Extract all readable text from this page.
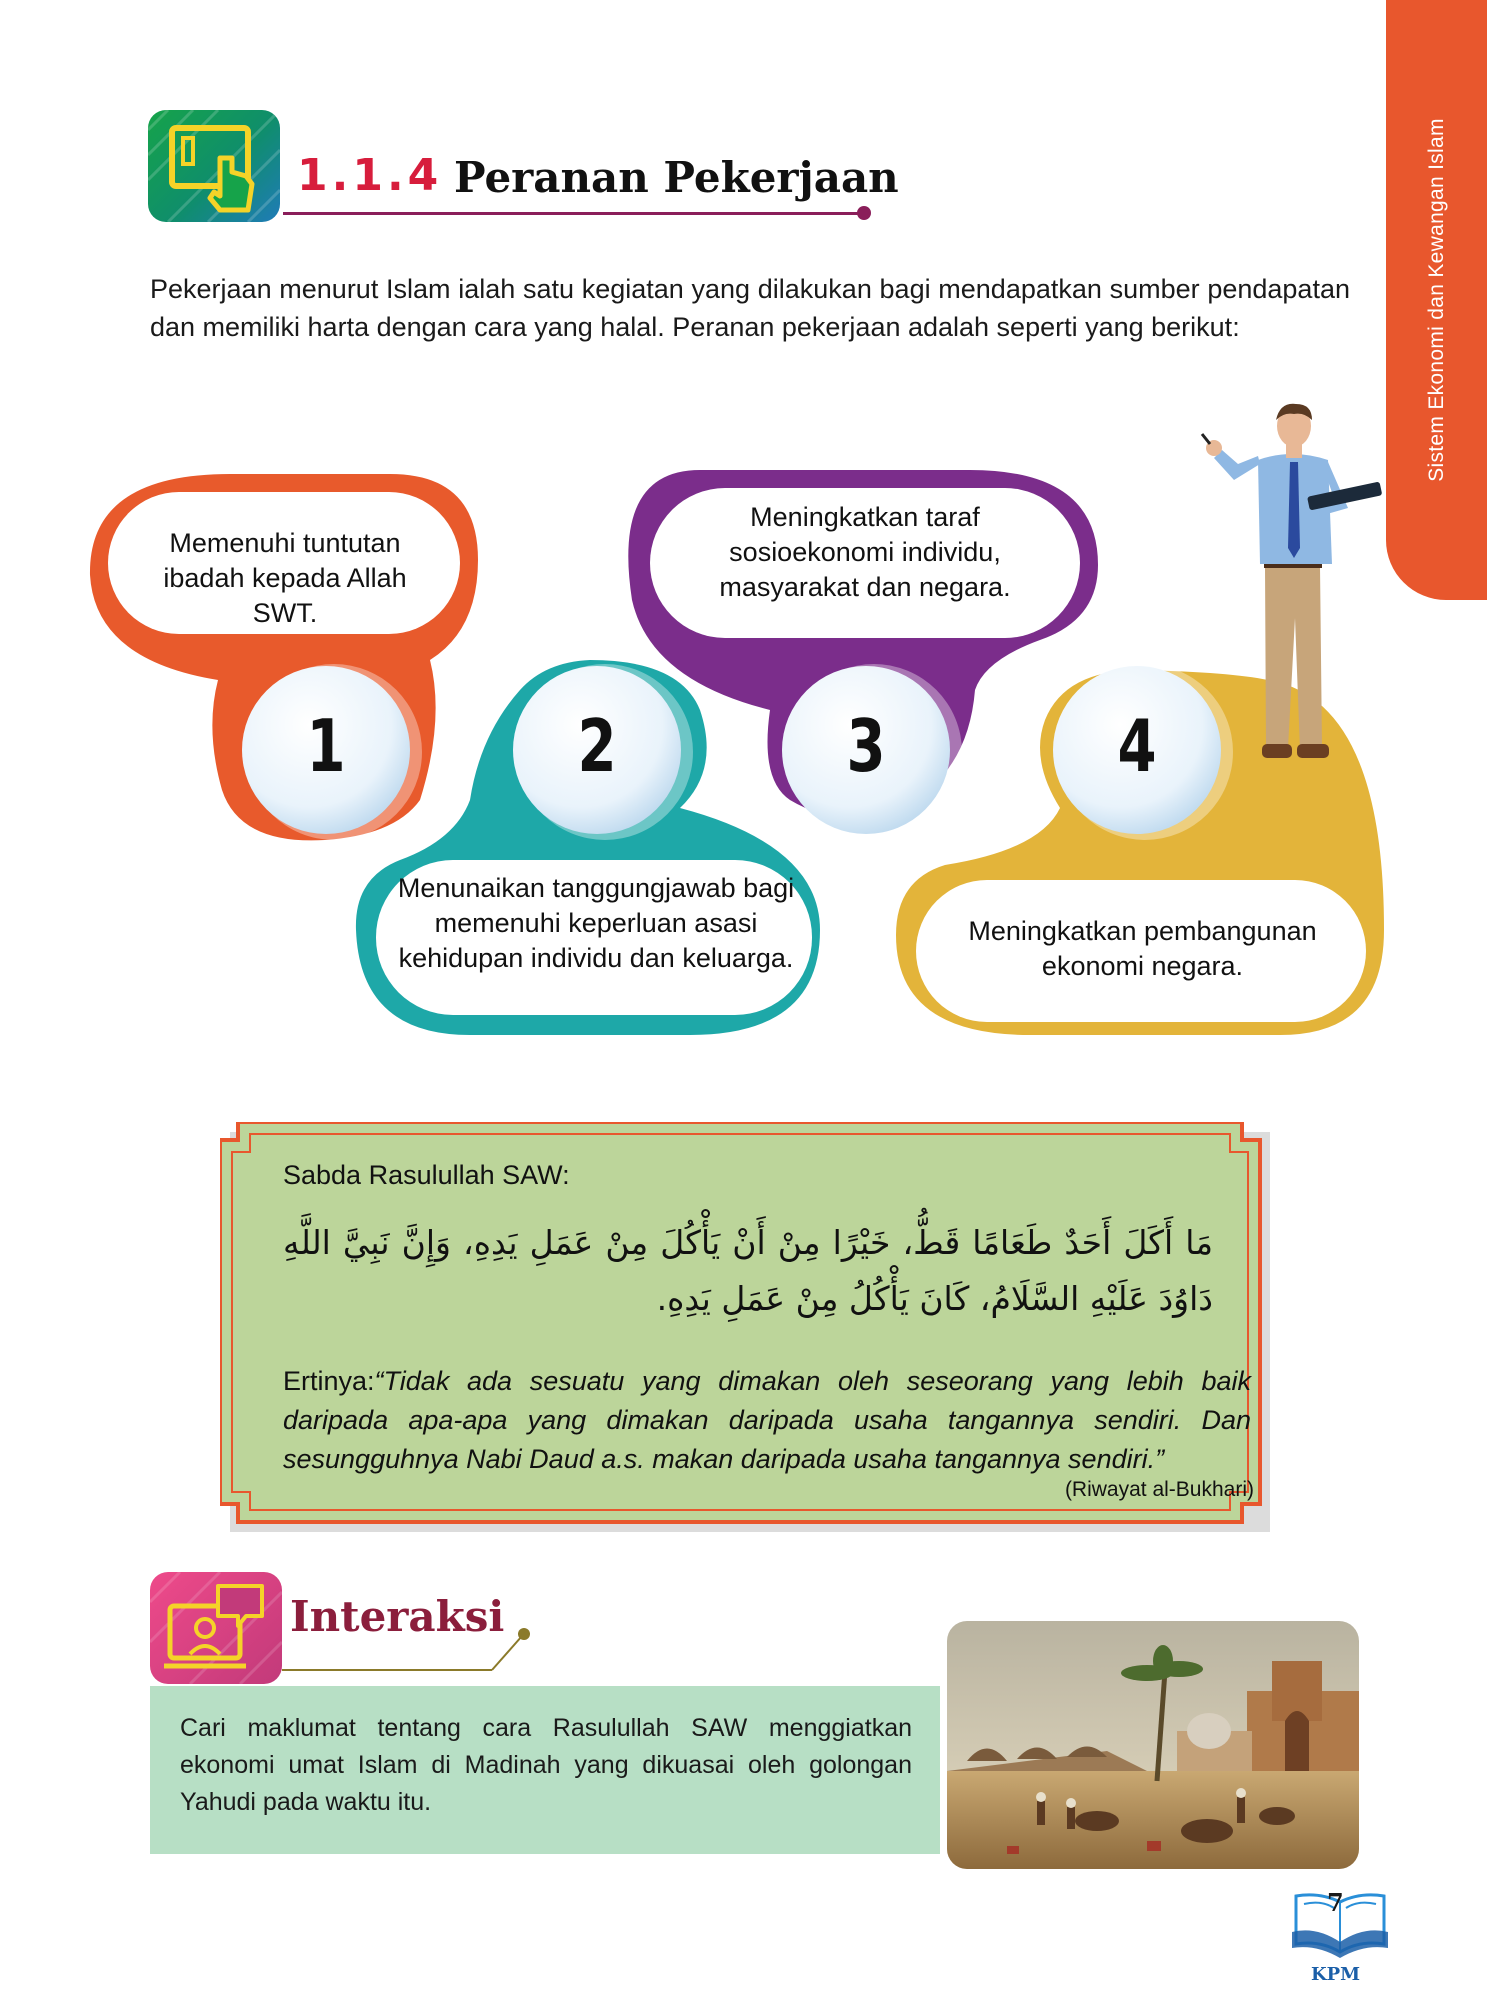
Sistem Ekonomi dan Kewangan Islam
1.1.4 Peranan Pekerjaan

Pekerjaan menurut Islam ialah satu kegiatan yang dilakukan bagi mendapatkan sumber pendapatan dan memiliki harta dengan cara yang halal. Peranan pekerjaan adalah seperti yang berikut:

1	2	3	4
Memenuhi tuntutan ibadah kepada Allah SWT.
Meningkatkan taraf sosioekonomi individu, masyarakat dan negara.
Menunaikan tanggungjawab bagi memenuhi keperluan asasi kehidupan individu dan keluarga.
Meningkatkan pembangunan ekonomi negara.
Sabda Rasulullah SAW:
مَا أَكَلَ أَحَدٌ طَعَامًا قَطُّ، خَيْرًا مِنْ أَنْ يَأْكُلَ مِنْ عَمَلِ يَدِهِ، وَإِنَّ نَبِيَّ اللَّهِ دَاوُدَ عَلَيْهِ السَّلَامُ، كَانَ يَأْكُلُ مِنْ عَمَلِ يَدِهِ.

Ertinya:“Tidak ada sesuatu yang dimakan oleh seseorang yang lebih baik daripada apa-apa yang dimakan daripada usaha tangannya sendiri. Dan sesungguhnya Nabi Daud a.s. makan daripada usaha tangannya sendiri.”

(Riwayat al-Bukhari)
Interaksi

Cari maklumat tentang cara Rasulullah SAW menggiatkan ekonomi umat Islam di Madinah yang dikuasai oleh golongan Yahudi pada waktu itu.

7
KPM
